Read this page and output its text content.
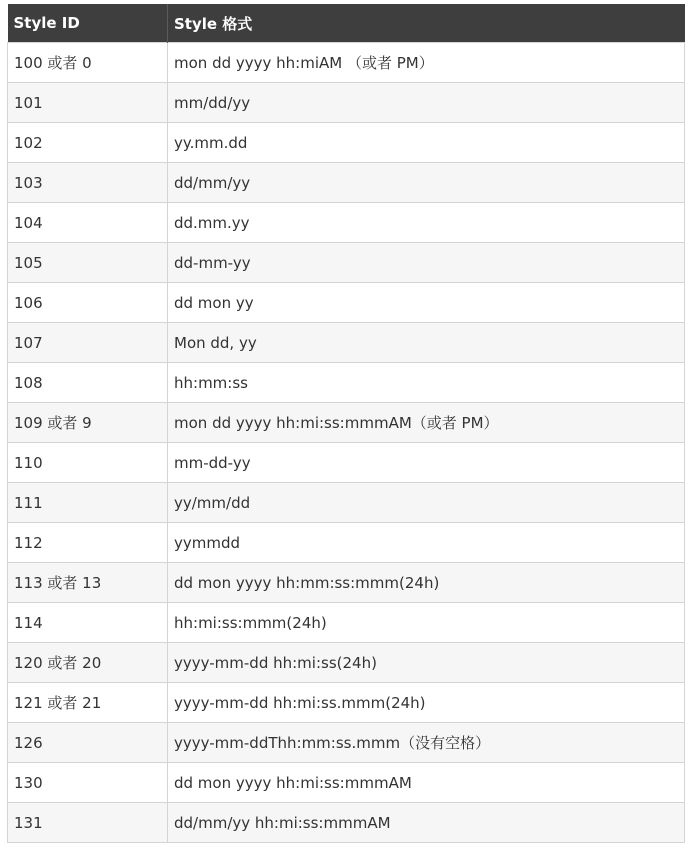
Style ID	Style 格式
100 或者 0	mon dd yyyy hh:miAM （或者 PM）
101	mm/dd/yy
102	yy.mm.dd
103	dd/mm/yy
104	dd.mm.yy
105	dd-mm-yy
106	dd mon yy
107	Mon dd, yy
108	hh:mm:ss
109 或者 9	mon dd yyyy hh:mi:ss:mmmAM（或者 PM）
110	mm-dd-yy
111	yy/mm/dd
112	yymmdd
113 或者 13	dd mon yyyy hh:mm:ss:mmm(24h)
114	hh:mi:ss:mmm(24h)
120 或者 20	yyyy-mm-dd hh:mi:ss(24h)
121 或者 21	yyyy-mm-dd hh:mi:ss.mmm(24h)
126	yyyy-mm-ddThh:mm:ss.mmm（没有空格）
130	dd mon yyyy hh:mi:ss:mmmAM
131	dd/mm/yy hh:mi:ss:mmmAM
